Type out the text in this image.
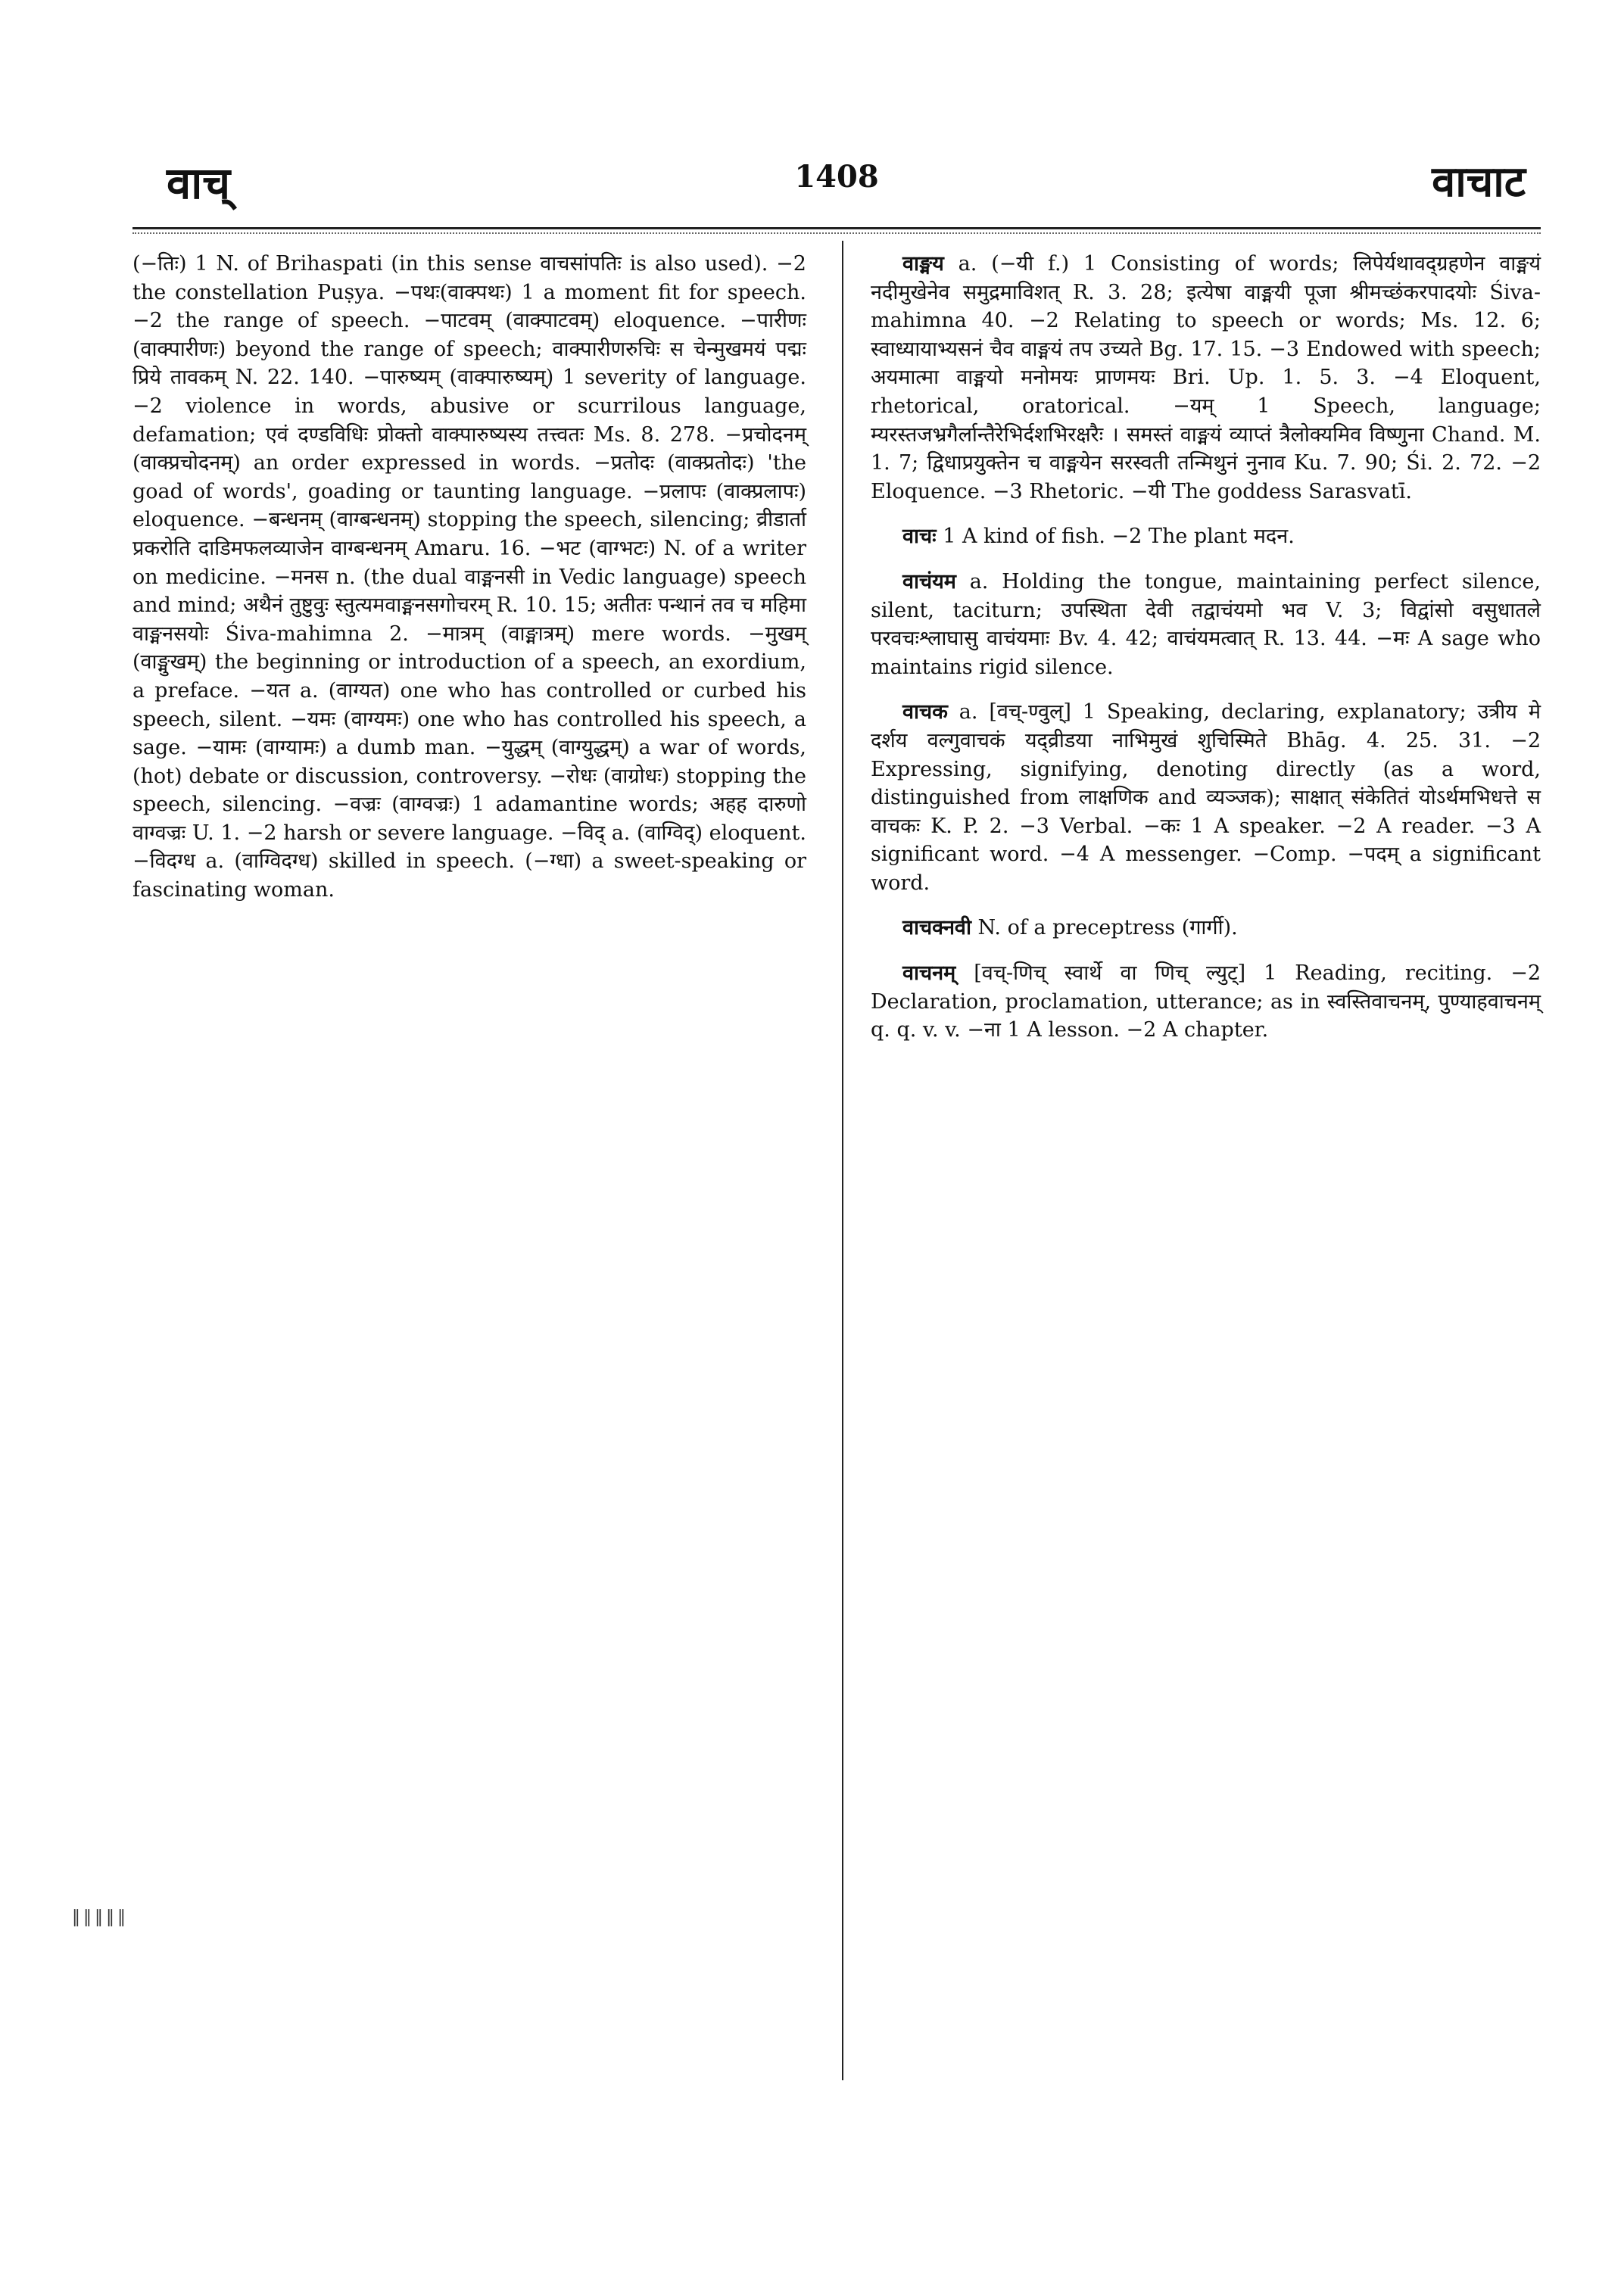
वाच्	1408	वाचाट
‖‖‖‖‖

(−तिः) 1 N. of Brihaspati (in this sense वाचसांपतिः is also used). −2 the constellation Puṣya. −पथः(वाक्पथः) 1 a moment fit for speech. −2 the range of speech. −पाटवम् (वाक्पाटवम्) eloquence. −पारीणः (वाक्पारीणः) beyond the range of speech; वाक्पारीणरुचिः स चेन्मुखमयं पद्मः प्रिये तावकम् N. 22. 140. −पारुष्यम् (वाक्पारुष्यम्) 1 severity of language. −2 violence in words, abusive or scurrilous language, defamation; एवं दण्डविधिः प्रोक्तो वाक्पारुष्यस्य तत्त्वतः Ms. 8. 278. −प्रचोदनम् (वाक्प्रचोदनम्) an order expressed in words. −प्रतोदः (वाक्प्रतोदः) 'the goad of words', goading or taunting language. −प्रलापः (वाक्प्रलापः) eloquence. −बन्धनम् (वाग्बन्धनम्) stopping the speech, silencing; व्रीडार्ता प्रकरोति दाडिमफलव्याजेन वाग्बन्धनम् Amaru. 16. −भट (वाग्भटः) N. of a writer on medicine. −मनस n. (the dual वाङ्मनसी in Vedic language) speech and mind; अथैनं तुष्टुवुः स्तुत्यमवाङ्मनसगोचरम् R. 10. 15; अतीतः पन्थानं तव च महिमा वाङ्मनसयोः Śiva-mahimna 2. −मात्रम् (वाङ्मात्रम्) mere words. −मुखम् (वाङ्मुखम्) the beginning or introduction of a speech, an exordium, a preface. −यत a. (वाग्यत) one who has controlled or curbed his speech, silent. −यमः (वाग्यमः) one who has controlled his speech, a sage. −यामः (वाग्यामः) a dumb man. −युद्धम् (वाग्युद्धम्) a war of words, (hot) debate or discussion, controversy. −रोधः (वाग्रोधः) stopping the speech, silencing. −वज्रः (वाग्वज्रः) 1 adamantine words; अहह दारुणो वाग्वज्रः U. 1. −2 harsh or severe language. −विद् a. (वाग्विद्) eloquent. −विदग्ध a. (वाग्विदग्ध) skilled in speech. (−ग्धा) a sweet-speaking or fascinating woman.

वाङ्मय a. (−यी f.) 1 Consisting of words; लिपेर्यथावद्ग्रहणेन वाङ्मयं नदीमुखेनेव समुद्रमाविशत् R. 3. 28; इत्येषा वाङ्मयी पूजा श्रीमच्छंकरपादयोः Śiva-mahimna 40. −2 Relating to speech or words; Ms. 12. 6; स्वाध्यायाभ्यसनं चैव वाङ्मयं तप उच्यते Bg. 17. 15. −3 Endowed with speech; अयमात्मा वाङ्मयो मनोमयः प्राणमयः Bri. Up. 1. 5. 3. −4 Eloquent, rhetorical, oratorical. −यम् 1 Speech, language; म्यरस्तजभ्रगैर्लान्तैरेभिर्दशभिरक्षरैः । समस्तं वाङ्मयं व्याप्तं त्रैलोक्यमिव विष्णुना Chand. M. 1. 7; द्विधाप्रयुक्तेन च वाङ्मयेन सरस्वती तन्मिथुनं नुनाव Ku. 7. 90; Śi. 2. 72. −2 Eloquence. −3 Rhetoric. −यी The goddess Sarasvatī.

वाचः 1 A kind of fish. −2 The plant मदन.

वाचंयम a. Holding the tongue, maintaining perfect silence, silent, taciturn; उपस्थिता देवी तद्वाचंयमो भव V. 3; विद्वांसो वसुधातले परवचःश्लाघासु वाचंयमाः Bv. 4. 42; वाचंयमत्वात् R. 13. 44. −मः A sage who maintains rigid silence.

वाचक a. [वच्-ण्वुल्] 1 Speaking, declaring, explanatory; उत्रीय मे दर्शय वल्गुवाचकं यद्व्रीडया नाभिमुखं शुचिस्मिते Bhāg. 4. 25. 31. −2 Expressing, signifying, denoting directly (as a word, distinguished from लाक्षणिक and व्यञ्जक); साक्षात् संकेतितं योऽर्थमभिधत्ते स वाचकः K. P. 2. −3 Verbal. −कः 1 A speaker. −2 A reader. −3 A significant word. −4 A messenger. −Comp. −पदम् a significant word.

वाचक्नवी N. of a preceptress (गार्गी).

वाचनम् [वच्-णिच् स्वार्थे वा णिच् ल्युट्] 1 Reading, reciting. −2 Declaration, proclamation, utterance; as in स्वस्तिवाचनम्, पुण्याहवाचनम् q. q. v. v. −ना 1 A lesson. −2 A chapter.
